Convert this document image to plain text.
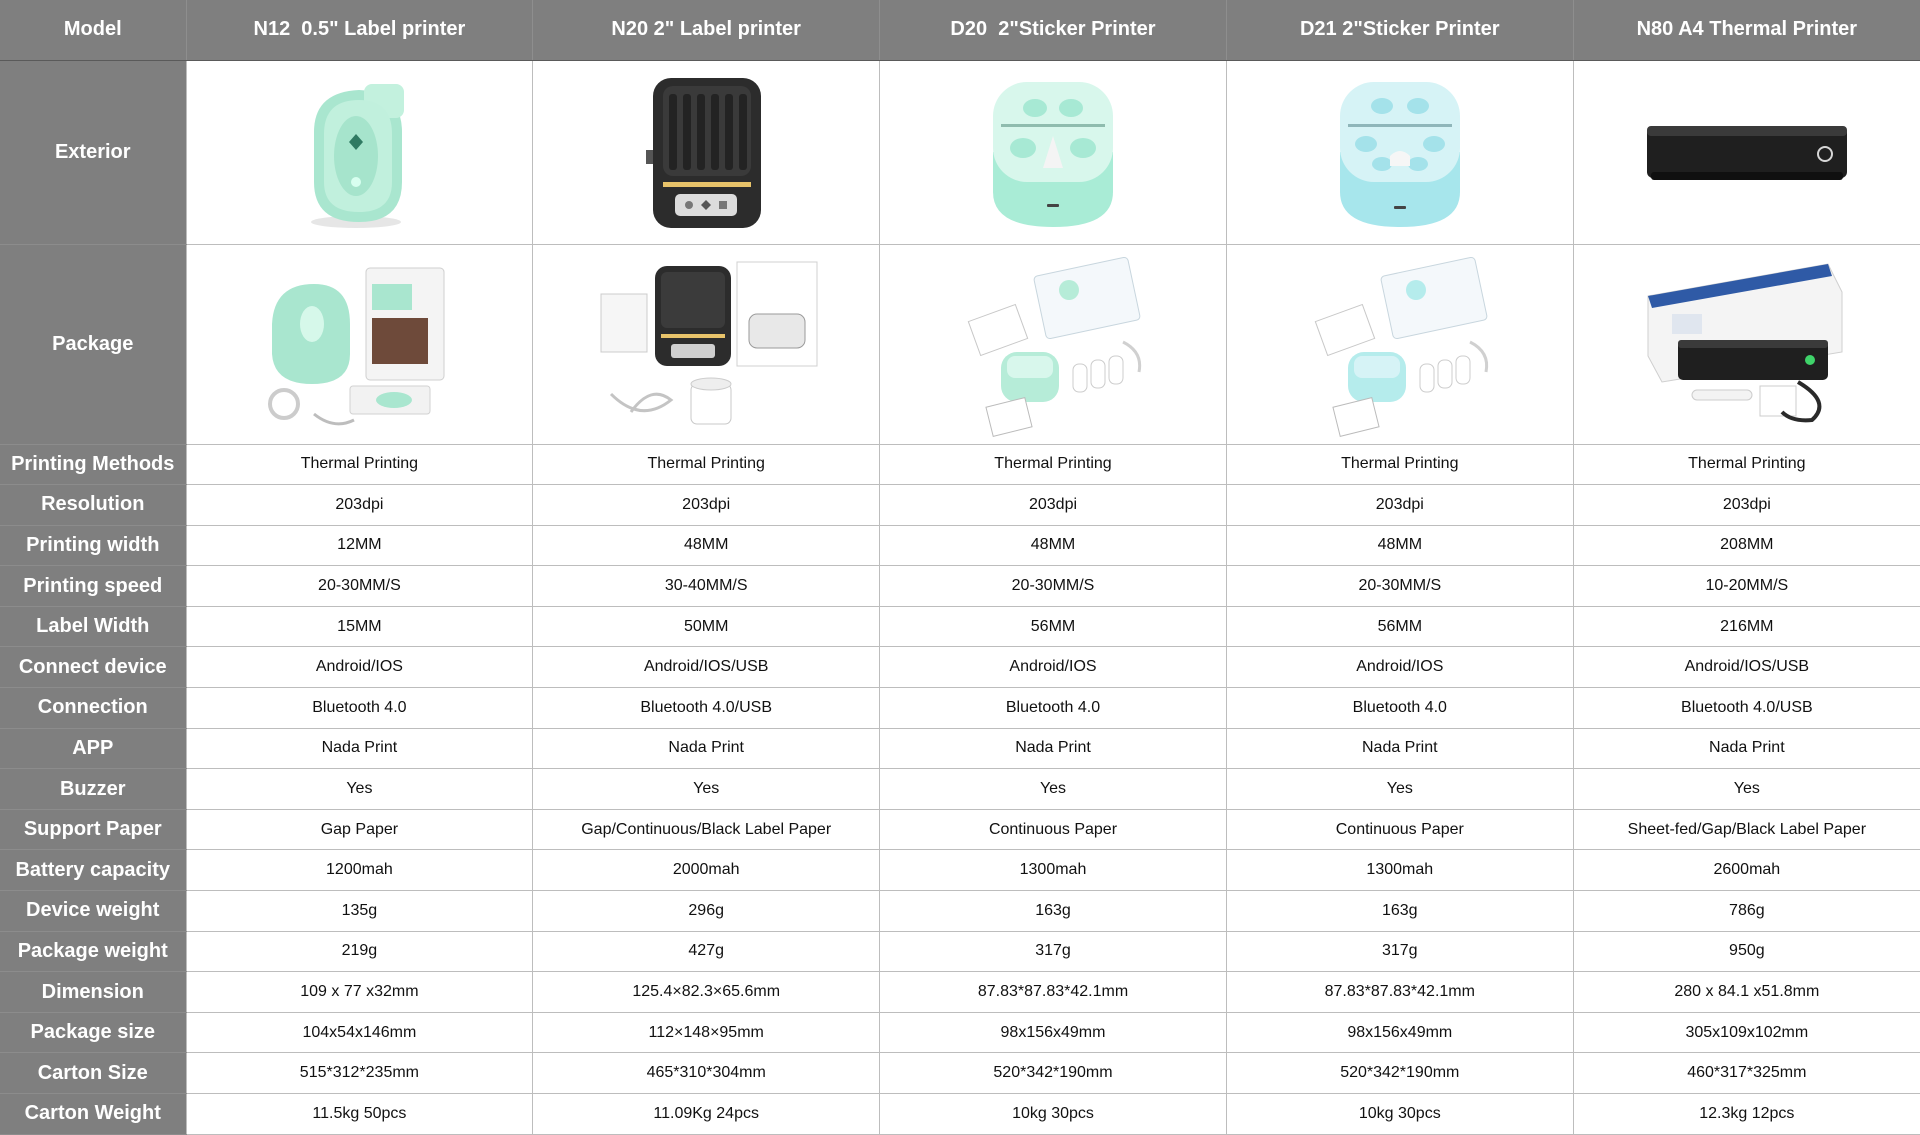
Model	N12  0.5" Label printer	N20 2" Label printer	D20  2"Sticker Printer	D21 2"Sticker Printer	N80 A4 Thermal Printer
Exterior	

Package	

Printing Methods	Thermal Printing	Thermal Printing	Thermal Printing	Thermal Printing	Thermal Printing
Resolution	203dpi	203dpi	203dpi	203dpi	203dpi
Printing width	12MM	48MM	48MM	48MM	208MM
Printing speed	20-30MM/S	30-40MM/S	20-30MM/S	20-30MM/S	10-20MM/S
Label Width	15MM	50MM	56MM	56MM	216MM
Connect device	Android/IOS	Android/IOS/USB	Android/IOS	Android/IOS	Android/IOS/USB
Connection	Bluetooth 4.0	Bluetooth 4.0/USB	Bluetooth 4.0	Bluetooth 4.0	Bluetooth 4.0/USB
APP	Nada Print	Nada Print	Nada Print	Nada Print	Nada Print
Buzzer	Yes	Yes	Yes	Yes	Yes
Support Paper	Gap Paper	Gap/Continuous/Black Label Paper	Continuous Paper	Continuous Paper	Sheet-fed/Gap/Black Label Paper
Battery capacity	1200mah	2000mah	1300mah	1300mah	2600mah
Device weight	135g	296g	163g	163g	786g
Package weight	219g	427g	317g	317g	950g
Dimension	109 x 77 x32mm	125.4×82.3×65.6mm	87.83*87.83*42.1mm	87.83*87.83*42.1mm	280 x 84.1 x51.8mm
Package size	104x54x146mm	112×148×95mm	98x156x49mm	98x156x49mm	305x109x102mm
Carton Size	515*312*235mm	465*310*304mm	520*342*190mm	520*342*190mm	460*317*325mm
Carton Weight	11.5kg 50pcs	11.09Kg 24pcs	10kg 30pcs	10kg 30pcs	12.3kg 12pcs
